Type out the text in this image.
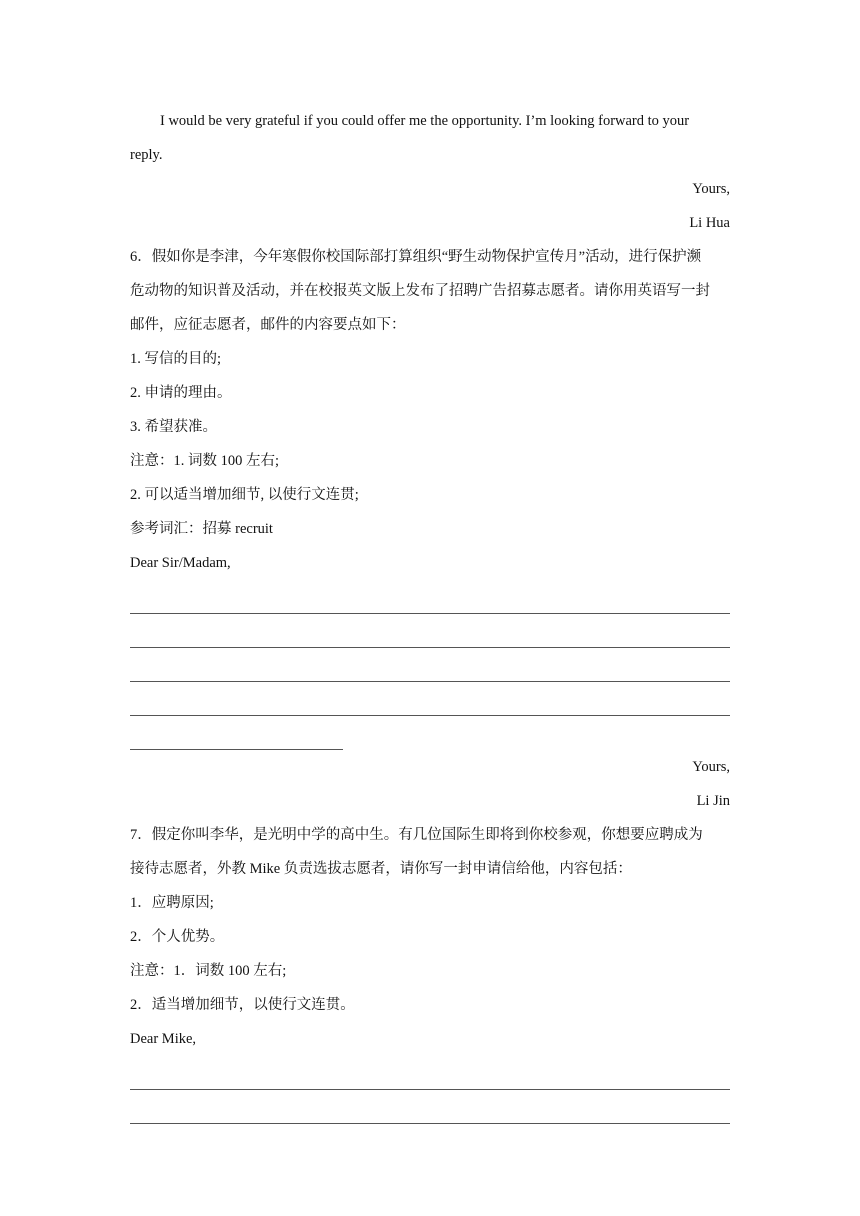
I would be very grateful if you could offer me the opportunity. I’m looking forward to your
reply.
Yours,
Li Hua
6．假如你是李津，今年寒假你校国际部打算组织“野生动物保护宣传月”活动，进行保护濒
危动物的知识普及活动，并在校报英文版上发布了招聘广告招募志愿者。请你用英语写一封
邮件，应征志愿者，邮件的内容要点如下：
1. 写信的目的;
2. 申请的理由。
3. 希望获准。
注意：1. 词数 100 左右;
2. 可以适当增加细节, 以使行文连贯;
参考词汇：招募 recruit
Dear Sir/Madam,
Yours,
Li Jin
7．假定你叫李华，是光明中学的高中生。有几位国际生即将到你校参观，你想要应聘成为
接待志愿者，外教 Mike 负责选拔志愿者，请你写一封申请信给他，内容包括：
1．应聘原因;
2．个人优势。
注意：1．词数 100 左右;
2．适当增加细节，以使行文连贯。
Dear Mike,
